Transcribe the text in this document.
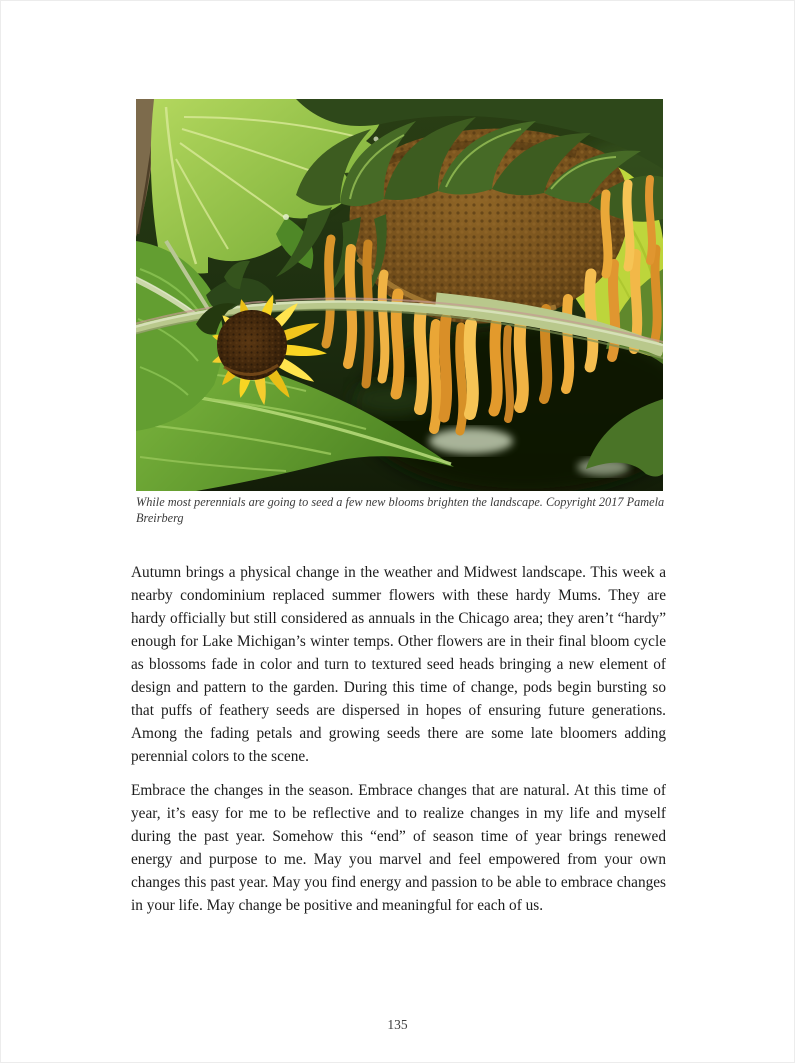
While most perennials are going to seed a few new blooms brighten the landscape. Copyright 2017 Pamela Breirberg

Autumn brings a physical change in the weather and Midwest landscape. This week a nearby condominium replaced summer flowers with these hardy Mums. They are hardy officially but still considered as annuals in the Chicago area; they aren’t “hardy” enough for Lake Michigan’s winter temps. Other flowers are in their final bloom cycle as blossoms fade in color and turn to textured seed heads bringing a new element of design and pattern to the garden. During this time of change, pods begin bursting so that puffs of feathery seeds are dispersed in hopes of ensuring future generations. Among the fading petals and growing seeds there are some late bloomers adding perennial colors to the scene.

Embrace the changes in the season. Embrace changes that are natural. At this time of year, it’s easy for me to be reflective and to realize changes in my life and myself during the past year. Somehow this “end” of season time of year brings renewed energy and purpose to me. May you marvel and feel empowered from your own changes this past year. May you find energy and passion to be able to embrace changes in your life. May change be positive and meaningful for each of us.

135
